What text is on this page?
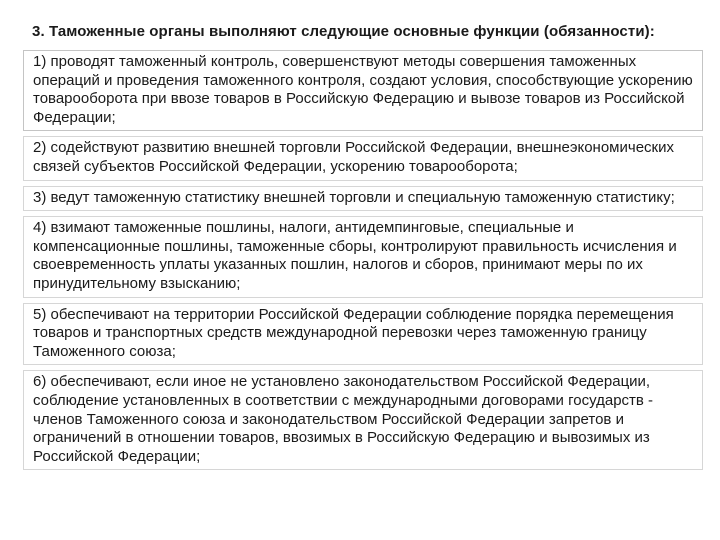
3. Таможенные органы выполняют следующие основные функции (обязанности):
1) проводят таможенный контроль, совершенствуют методы совершения таможенных операций и проведения таможенного контроля, создают условия, способствующие ускорению товарооборота при ввозе товаров в Российскую Федерацию и вывозе товаров из Российской Федерации;
2) содействуют развитию внешней торговли Российской Федерации, внешнеэкономических связей субъектов Российской Федерации, ускорению товарооборота;
3) ведут таможенную статистику внешней торговли и специальную таможенную статистику;
4) взимают таможенные пошлины, налоги, антидемпинговые, специальные и компенсационные пошлины, таможенные сборы, контролируют правильность исчисления и своевременность уплаты указанных пошлин, налогов и сборов, принимают меры по их принудительному взысканию;
5) обеспечивают на территории Российской Федерации соблюдение порядка перемещения товаров и транспортных средств международной перевозки через таможенную границу Таможенного союза;
6) обеспечивают, если иное не установлено законодательством Российской Федерации, соблюдение установленных в соответствии с международными договорами государств - членов Таможенного союза и законодательством Российской Федерации запретов и ограничений в отношении товаров, ввозимых в Российскую Федерацию и вывозимых из Российской Федерации;
